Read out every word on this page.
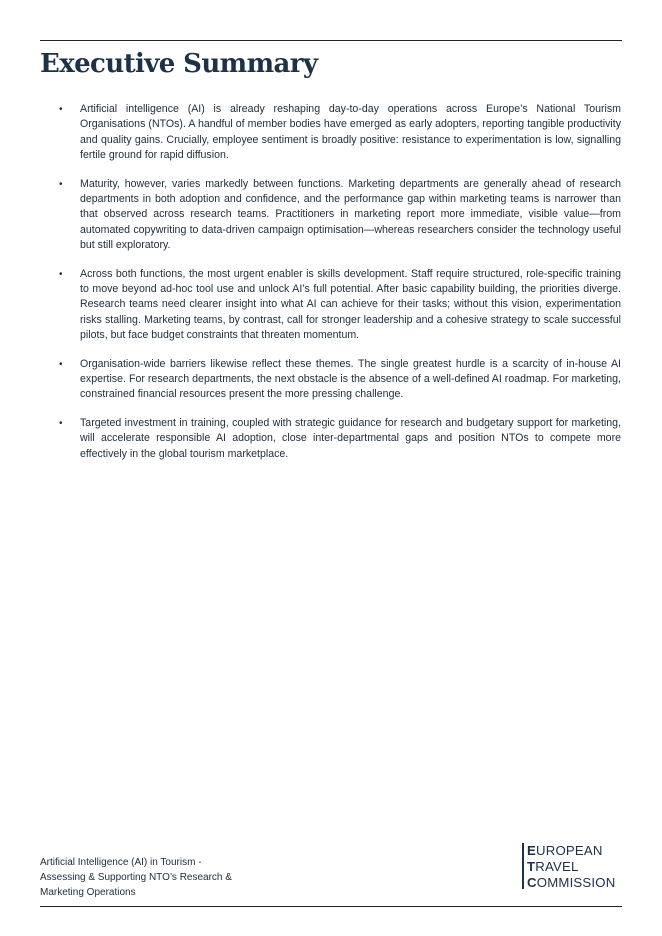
Executive Summary
• Artificial intelligence (AI) is already reshaping day-to-day operations across Europe’s National Tourism Organisations (NTOs). A handful of member bodies have emerged as early adopters, reporting tangible productivity and quality gains. Crucially, employee sentiment is broadly positive: resistance to experimentation is low, signalling fertile ground for rapid diffusion.
• Maturity, however, varies markedly between functions. Marketing departments are generally ahead of research departments in both adoption and confidence, and the performance gap within marketing teams is narrower than that observed across research teams. Practitioners in marketing report more immediate, visible value—from automated copywriting to data-driven campaign optimisation—whereas researchers consider the technology useful but still exploratory.
• Across both functions, the most urgent enabler is skills development. Staff require structured, role-specific training to move beyond ad-hoc tool use and unlock AI’s full potential. After basic capability building, the priorities diverge. Research teams need clearer insight into what AI can achieve for their tasks; without this vision, experimentation risks stalling. Marketing teams, by contrast, call for stronger leadership and a cohesive strategy to scale successful pilots, but face budget constraints that threaten momentum.
• Organisation-wide barriers likewise reflect these themes. The single greatest hurdle is a scarcity of in-house AI expertise. For research departments, the next obstacle is the absence of a well-defined AI roadmap. For marketing, constrained financial resources present the more pressing challenge.
• Targeted investment in training, coupled with strategic guidance for research and budgetary support for marketing, will accelerate responsible AI adoption, close inter-departmental gaps and position NTOs to compete more effectively in the global tourism marketplace.
Artificial Intelligence (AI) in Tourism -
Assessing & Supporting NTO’s Research &
Marketing Operations
EUROPEAN
TRAVEL
COMMISSION
